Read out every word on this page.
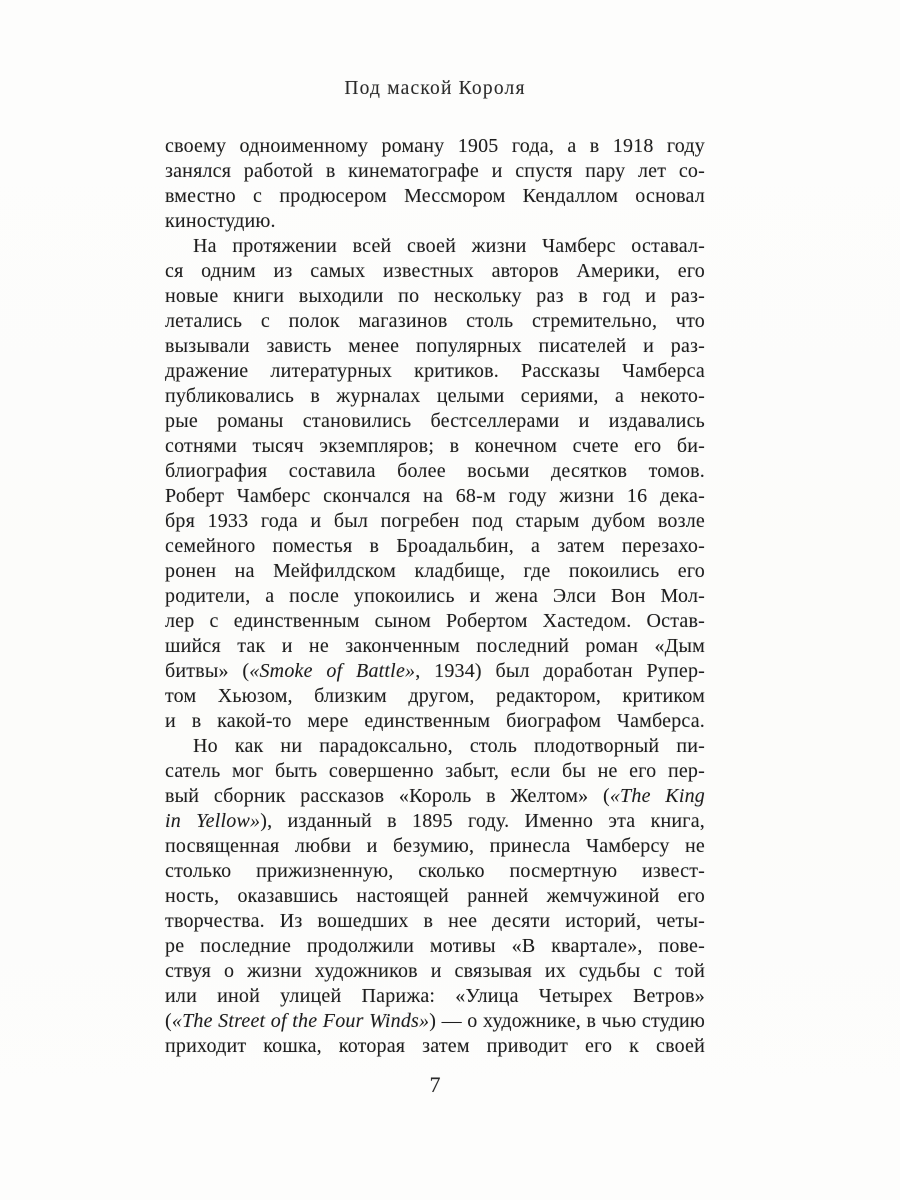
Под маской Короля
своему одноименному роману 1905 года, а в 1918 году
занялся работой в кинематографе и спустя пару лет со-
вместно с продюсером Мессмором Кендаллом основал
киностудию.
На протяжении всей своей жизни Чамберс оставал-
ся одним из самых известных авторов Америки, его
новые книги выходили по нескольку раз в год и раз-
летались с полок магазинов столь стремительно, что
вызывали зависть менее популярных писателей и раз-
дражение литературных критиков. Рассказы Чамберса
публиковались в журналах целыми сериями, а некото-
рые романы становились бестселлерами и издавались
сотнями тысяч экземпляров; в конечном счете его би-
блиография составила более восьми десятков томов.
Роберт Чамберс скончался на 68-м году жизни 16 дека-
бря 1933 года и был погребен под старым дубом возле
семейного поместья в Броадальбин, а затем перезахо-
ронен на Мейфилдском кладбище, где покоились его
родители, а после упокоились и жена Элси Вон Мол-
лер с единственным сыном Робертом Хастедом. Остав-
шийся так и не законченным последний роман «Дым
битвы» («Smoke of Battle», 1934) был доработан Рупер-
том Хьюзом, близким другом, редактором, критиком
и в какой-то мере единственным биографом Чамберса.
Но как ни парадоксально, столь плодотворный пи-
сатель мог быть совершенно забыт, если бы не его пер-
вый сборник рассказов «Король в Желтом» («The King
in Yellow»), изданный в 1895 году. Именно эта книга,
посвященная любви и безумию, принесла Чамберсу не
столько прижизненную, сколько посмертную извест-
ность, оказавшись настоящей ранней жемчужиной его
творчества. Из вошедших в нее десяти историй, четы-
ре последние продолжили мотивы «В квартале», пове-
ствуя о жизни художников и связывая их судьбы с той
или иной улицей Парижа: «Улица Четырех Ветров»
(«The Street of the Four Winds») — о художнике, в чью студию
приходит кошка, которая затем приводит его к своей
7
